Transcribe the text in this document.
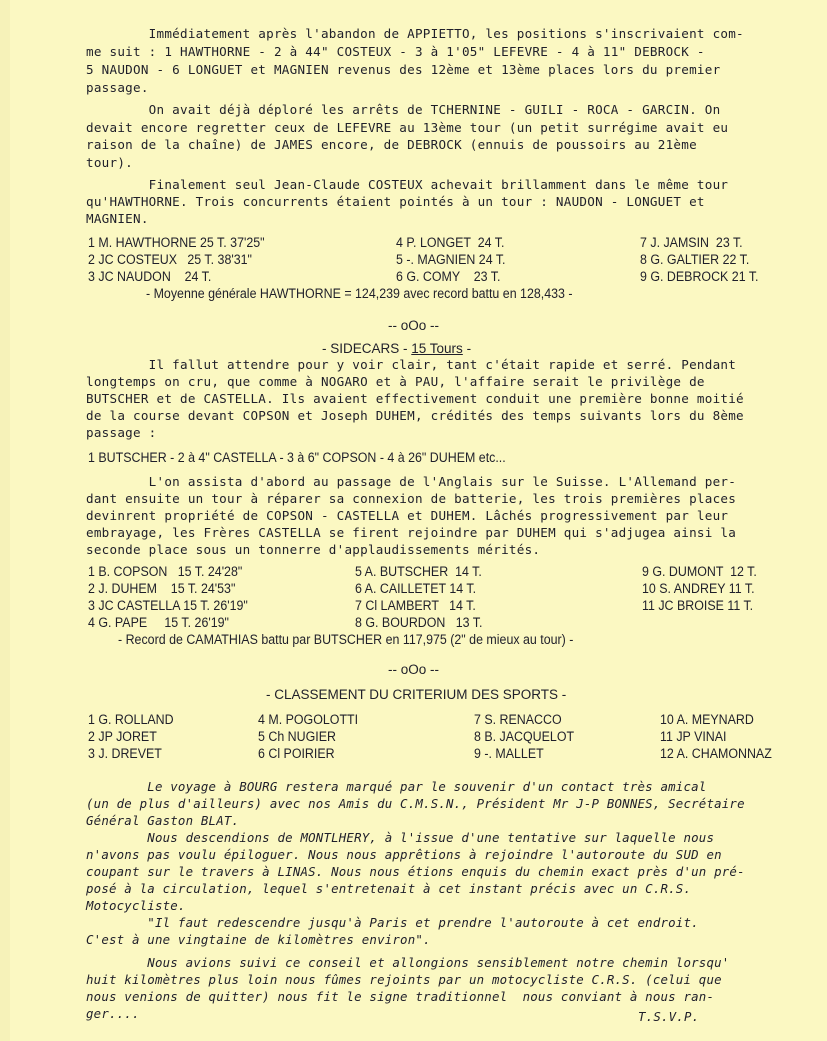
Immédiatement après l'abandon de APPIETTO, les positions s'inscrivaient com-
me suit : 1 HAWTHORNE - 2 à 44" COSTEUX - 3 à 1'05" LEFEVRE - 4 à 11" DEBROCK -
5 NAUDON - 6 LONGUET et MAGNIEN revenus des 12ème et 13ème places lors du premier
passage.
On avait déjà déploré les arrêts de TCHERNINE - GUILI - ROCA - GARCIN. On
devait encore regretter ceux de LEFEVRE au 13ème tour (un petit surrégime avait eu
raison de la chaîne) de JAMES encore, de DEBROCK (ennuis de poussoirs au 21ème
tour).
Finalement seul Jean-Claude COSTEUX achevait brillamment dans le même tour
qu'HAWTHORNE. Trois concurrents étaient pointés à un tour : NAUDON - LONGUET et
MAGNIEN.
1 M. HAWTHORNE 25 T. 37'25"
2 JC COSTEUX   25 T. 38'31"
3 JC NAUDON    24 T.
4 P. LONGET  24 T.
5 -. MAGNIEN 24 T.
6 G. COMY    23 T.
7 J. JAMSIN  23 T.
8 G. GALTIER 22 T.
9 G. DEBROCK 21 T.
- Moyenne générale HAWTHORNE = 124,239 avec record battu en 128,433 -
-- oOo --
- SIDECARS - 15 Tours -
Il fallut attendre pour y voir clair, tant c'était rapide et serré. Pendant
longtemps on cru, que comme à NOGARO et à PAU, l'affaire serait le privilège de
BUTSCHER et de CASTELLA. Ils avaient effectivement conduit une première bonne moitié
de la course devant COPSON et Joseph DUHEM, crédités des temps suivants lors du 8ème
passage :
1 BUTSCHER - 2 à 4" CASTELLA - 3 à 6" COPSON - 4 à 26" DUHEM etc...
L'on assista d'abord au passage de l'Anglais sur le Suisse. L'Allemand per-
dant ensuite un tour à réparer sa connexion de batterie, les trois premières places
devinrent propriété de COPSON - CASTELLA et DUHEM. Lâchés progressivement par leur
embrayage, les Frères CASTELLA se firent rejoindre par DUHEM qui s'adjugea ainsi la
seconde place sous un tonnerre d'applaudissements mérités.
1 B. COPSON   15 T. 24'28"
2 J. DUHEM    15 T. 24'53"
3 JC CASTELLA 15 T. 26'19"
4 G. PAPE     15 T. 26'19"
5 A. BUTSCHER  14 T.
6 A. CAILLETET 14 T.
7 Cl LAMBERT   14 T.
8 G. BOURDON   13 T.
9 G. DUMONT  12 T.
10 S. ANDREY 11 T.
11 JC BROISE 11 T.
- Record de CAMATHIAS battu par BUTSCHER en 117,975 (2" de mieux au tour) -
-- oOo --
- CLASSEMENT DU CRITERIUM DES SPORTS -
1 G. ROLLAND
2 JP JORET
3 J. DREVET
4 M. POGOLOTTI
5 Ch NUGIER
6 Cl POIRIER
7 S. RENACCO
8 B. JACQUELOT
9 -. MALLET
10 A. MEYNARD
11 JP VINAI
12 A. CHAMONNAZ
Le voyage à BOURG restera marqué par le souvenir d'un contact très amical
(un de plus d'ailleurs) avec nos Amis du C.M.S.N., Président Mr J-P BONNES, Secrétaire
Général Gaston BLAT.
Nous descendions de MONTLHERY, à l'issue d'une tentative sur laquelle nous
n'avons pas voulu épiloguer. Nous nous apprêtions à rejoindre l'autoroute du SUD en
coupant sur le travers à LINAS. Nous nous étions enquis du chemin exact près d'un pré-
posé à la circulation, lequel s'entretenait à cet instant précis avec un C.R.S.
Motocycliste.
"Il faut redescendre jusqu'à Paris et prendre l'autoroute à cet endroit.
C'est à une vingtaine de kilomètres environ".
Nous avions suivi ce conseil et allongions sensiblement notre chemin lorsqu'
huit kilomètres plus loin nous fûmes rejoints par un motocycliste C.R.S. (celui que
nous venions de quitter) nous fit le signe traditionnel  nous conviant à nous ran-
ger....	T.S.V.P.
